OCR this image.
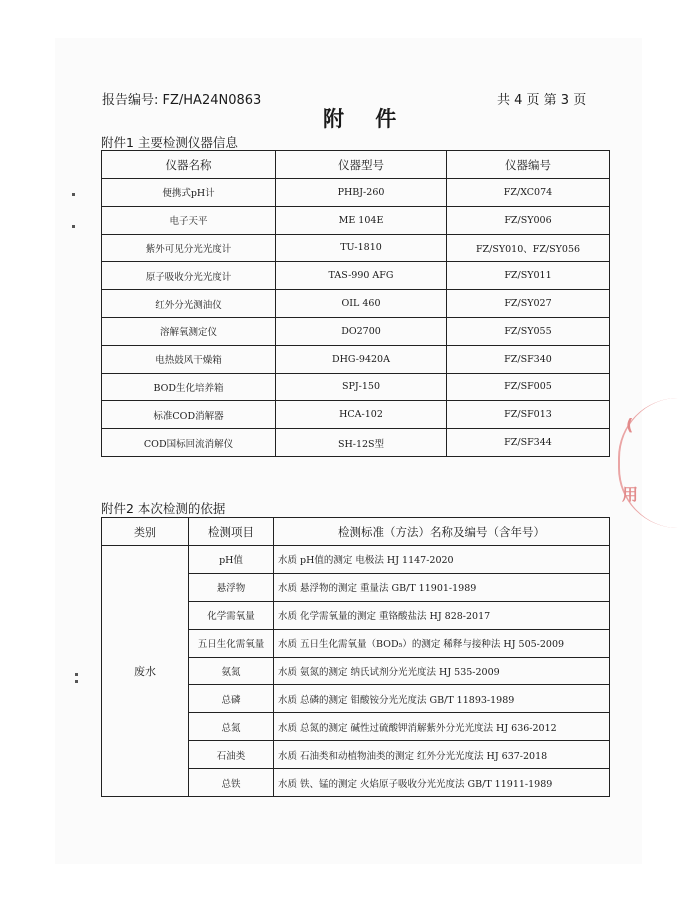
报告编号: FZ/HA24N0863	共 4 页 第 3 页
附 件
附件1 主要检测仪器信息
仪器名称	仪器型号	仪器编号
便携式pH计	PHBJ-260	FZ/XC074
电子天平	ME 104E	FZ/SY006
紫外可见分光光度计	TU-1810	FZ/SY010、FZ/SY056
原子吸收分光光度计	TAS-990 AFG	FZ/SY011
红外分光测油仪	OIL 460	FZ/SY027
溶解氧测定仪	DO2700	FZ/SY055
电热鼓风干燥箱	DHG-9420A	FZ/SF340
BOD生化培养箱	SPJ-150	FZ/SF005
标准COD消解器	HCA-102	FZ/SF013
COD国标回流消解仪	SH-12S型	FZ/SF344
附件2 本次检测的依据
类别	检测项目	检测标准（方法）名称及编号（含年号）
废水	pH值	水质 pH值的测定 电极法 HJ 1147-2020
	悬浮物	水质 悬浮物的测定 重量法 GB/T 11901-1989
	化学需氧量	水质 化学需氧量的测定 重铬酸盐法 HJ 828-2017
	五日生化需氧量	水质 五日生化需氧量（BOD₅）的测定 稀释与接种法 HJ 505-2009
	氨氮	水质 氨氮的测定 纳氏试剂分光光度法 HJ 535-2009
	总磷	水质 总磷的测定 钼酸铵分光光度法 GB/T 11893-1989
	总氮	水质 总氮的测定 碱性过硫酸钾消解紫外分光光度法 HJ 636-2012
	石油类	水质 石油类和动植物油类的测定 红外分光光度法 HJ 637-2018
	总铁	水质 铁、锰的测定 火焰原子吸收分光光度法 GB/T 11911-1989
(
用
